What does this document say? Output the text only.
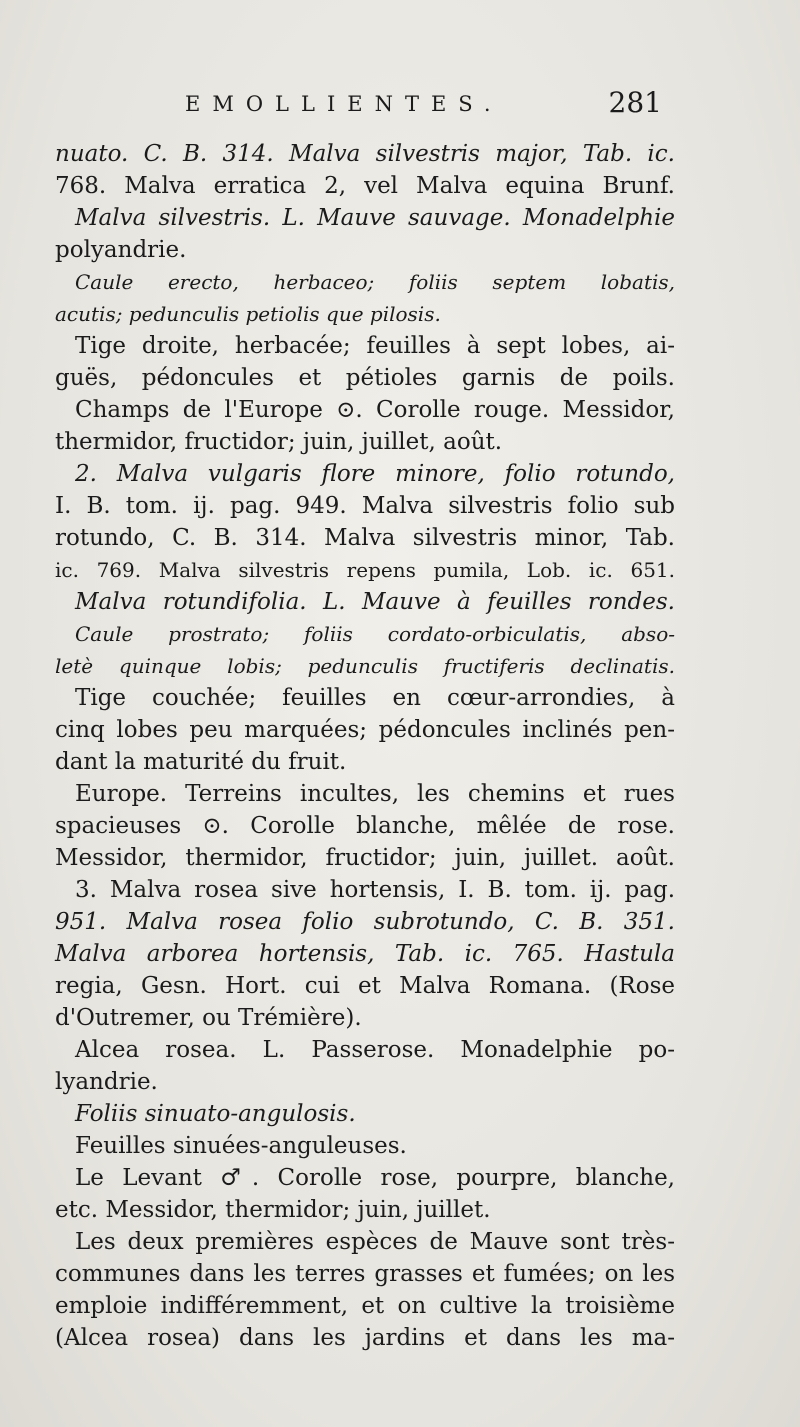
EMOLLIENTES.	281
nuato. C. B. 314. Malva silvestris major, Tab. ic.
768. Malva erratica 2, vel Malva equina Brunf.
Malva silvestris. L. Mauve sauvage. Monadelphie
polyandrie.
Caule erecto, herbaceo; foliis septem lobatis,
acutis; pedunculis petiolis que pilosis.
Tige droite, herbacée; feuilles à sept lobes, ai-
guës, pédoncules et pétioles garnis de poils.
Champs de l'Europe ⊙. Corolle rouge. Messidor,
thermidor, fructidor; juin, juillet, août.
2. Malva vulgaris flore minore, folio rotundo,
I. B. tom. ij. pag. 949. Malva silvestris folio sub
rotundo, C. B. 314. Malva silvestris minor, Tab.
ic. 769. Malva silvestris repens pumila, Lob. ic. 651.
Malva rotundifolia. L. Mauve à feuilles rondes.
Caule prostrato; foliis cordato-orbiculatis, abso-
letè quinque lobis; pedunculis fructiferis declinatis.
Tige couchée; feuilles en cœur-arrondies, à
cinq lobes peu marquées; pédoncules inclinés pen-
dant la maturité du fruit.
Europe. Terreins incultes, les chemins et rues
spacieuses ⊙. Corolle blanche, mêlée de rose.
Messidor, thermidor, fructidor; juin, juillet. août.
3. Malva rosea sive hortensis, I. B. tom. ij. pag.
951. Malva rosea folio subrotundo, C. B. 351.
Malva arborea hortensis, Tab. ic. 765. Hastula
regia, Gesn. Hort. cui et Malva Romana. (Rose
d'Outremer, ou Trémière).
Alcea rosea. L. Passerose. Monadelphie po-
lyandrie.
Foliis sinuato-angulosis.
Feuilles sinuées-anguleuses.
Le Levant ♂. Corolle rose, pourpre, blanche,
etc. Messidor, thermidor; juin, juillet.
Les deux premières espèces de Mauve sont très-
communes dans les terres grasses et fumées; on les
emploie indifféremment, et on cultive la troisième
(Alcea rosea) dans les jardins et dans les ma-
